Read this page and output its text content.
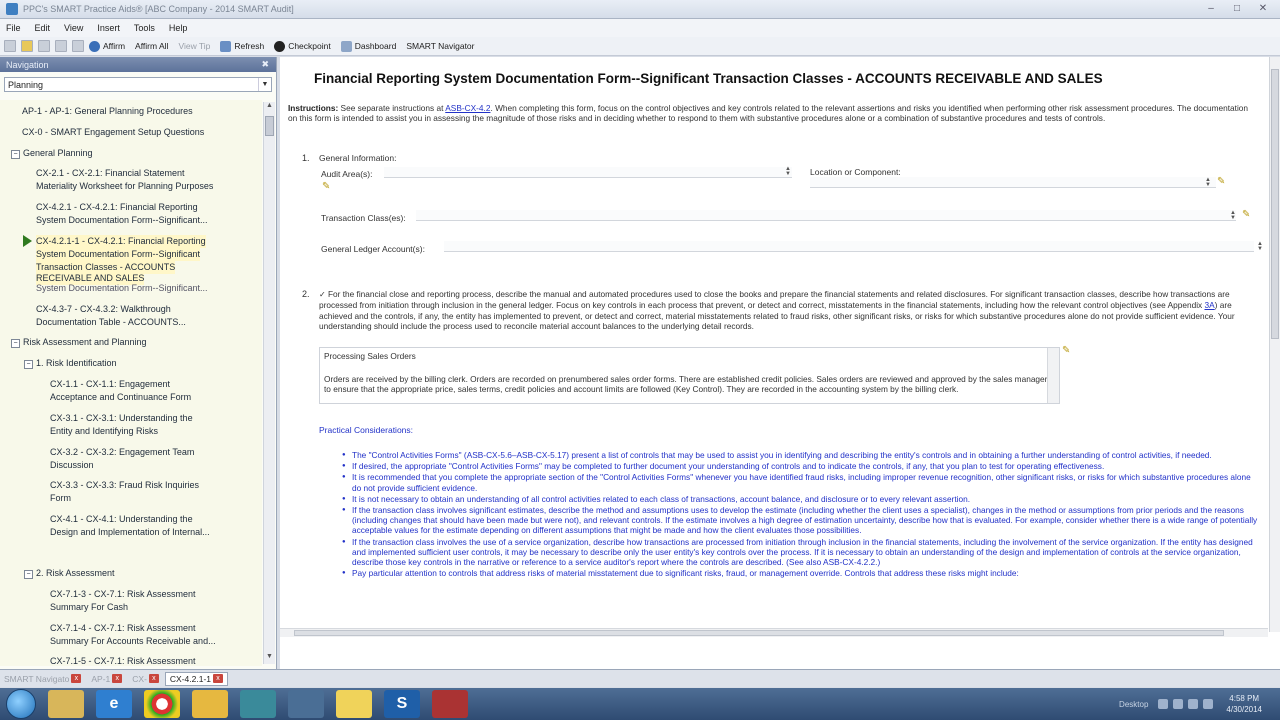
PPC's SMART Practice Aids® [ABC Company - 2014 SMART Audit]	–	□	✕
File Edit View Insert Tools Help
Affirm Affirm All View Tip	Refresh	Checkpoint	Dashboard SMART Navigator
Navigation	✖
Planning	▼
AP-1 - AP-1: General Planning Procedures
CX-0 - SMART Engagement Setup Questions
− General Planning
CX-2.1 - CX-2.1: Financial Statement
Materiality Worksheet for Planning Purposes
CX-4.2.1 - CX-4.2.1: Financial Reporting
System Documentation Form--Significant...
CX-4.2.1-1 - CX-4.2.1: Financial Reporting
System Documentation Form--Significant
Transaction Classes - ACCOUNTS
RECEIVABLE AND SALES
System Documentation Form--Significant...
CX-4.3-7 - CX-4.3.2: Walkthrough
Documentation Table - ACCOUNTS...
− Risk Assessment and Planning
− 1. Risk Identification
CX-1.1 - CX-1.1: Engagement
Acceptance and Continuance Form
CX-3.1 - CX-3.1: Understanding the
Entity and Identifying Risks
CX-3.2 - CX-3.2: Engagement Team
Discussion
CX-3.3 - CX-3.3: Fraud Risk Inquiries
Form
CX-4.1 - CX-4.1: Understanding the
Design and Implementation of Internal...
− 2. Risk Assessment
CX-7.1-3 - CX-7.1: Risk Assessment
Summary For Cash
CX-7.1-4 - CX-7.1: Risk Assessment
Summary For Accounts Receivable and...
CX-7.1-5 - CX-7.1: Risk Assessment
▲
▼
Financial Reporting System Documentation Form--Significant Transaction Classes - ACCOUNTS RECEIVABLE AND SALES
Instructions: See separate instructions at ASB-CX-4.2. When completing this form, focus on the control objectives and key controls related to the relevant assertions and risks you identified when performing other risk assessment procedures. The documentation on this form is intended to assist you in assessing the magnitude of those risks and in deciding whether to respond to them with substantive procedures alone or a combination of substantive procedures and tests of controls.
1. General Information:
Audit Area(s):	▲
▼
✎
Location or Component:
▲
▼ ✎
Transaction Class(es):	▲
▼ ✎
General Ledger Account(s):	▲
▼
2. ✓ For the financial close and reporting process, describe the manual and automated procedures used to close the books and prepare the financial statements and related disclosures. For significant transaction classes, describe how transactions are processed from initiation through inclusion in the general ledger. Focus on key controls in each process that prevent, or detect and correct, misstatements in the financial statements, including how the relevant control objectives (see Appendix 3A) are achieved and the controls, if any, the entity has implemented to prevent, or detect and correct, material misstatements related to fraud risks, other significant risks, or risks for which substantive procedures alone do not provide sufficient evidence. Your understanding should include the process used to reconcile material account balances to the underlying detail records.
Processing Sales Orders
Orders are received by the billing clerk. Orders are recorded on prenumbered sales order forms. There are established credit policies. Sales orders are reviewed and approved by the sales manager to ensure that the appropriate price, sales terms, credit policies and account limits are followed (Key Control). They are recorded in the accounting system by the billing clerk.
✎
Practical Considerations:
● The "Control Activities Forms" (ASB-CX-5.6–ASB-CX-5.17) present a list of controls that may be used to assist you in identifying and describing the entity's controls and in obtaining a further understanding of control activities, if needed.
● If desired, the appropriate "Control Activities Forms" may be completed to further document your understanding of controls and to indicate the controls, if any, that you plan to test for operating effectiveness.
● It is recommended that you complete the appropriate section of the "Control Activities Forms" whenever you have identified fraud risks, including improper revenue recognition, other significant risks, or risks for which substantive procedures alone do not provide sufficient evidence.
● It is not necessary to obtain an understanding of all control activities related to each class of transactions, account balance, and disclosure or to every relevant assertion.
● If the transaction class involves significant estimates, describe the method and assumptions uses to develop the estimate (including whether the client uses a specialist), changes in the method or assumptions from prior periods and the reasons (including changes that should have been made but were not), and relevant controls. If the estimate involves a high degree of estimation uncertainty, describe how that is evaluated. For example, consider whether there is a wide range of potentially acceptable values for the estimate depending on different assumptions that might be made and how the client evaluates those possibilities.
● If the transaction class involves the use of a service organization, describe how transactions are processed from initiation through inclusion in the financial statements, including the involvement of the service organization. If the entity has designed and implemented sufficient user controls, it may be necessary to describe only the user entity's key controls over the process. If it is necessary to obtain an understanding of the design and implementation of controls at the service organization, describe those key controls in the narrative or reference to a service auditor's report where the controls are described. (See also ASB-CX-4.2.2.)
● Pay particular attention to controls that address risks of material misstatement due to significant risks, fraud, or management override. Controls that address these risks might include:
SMART Navigato x	AP-1 x	CX- x	CX-4.2.1-1 x
e	S	Desktop
4:58 PM
4/30/2014
